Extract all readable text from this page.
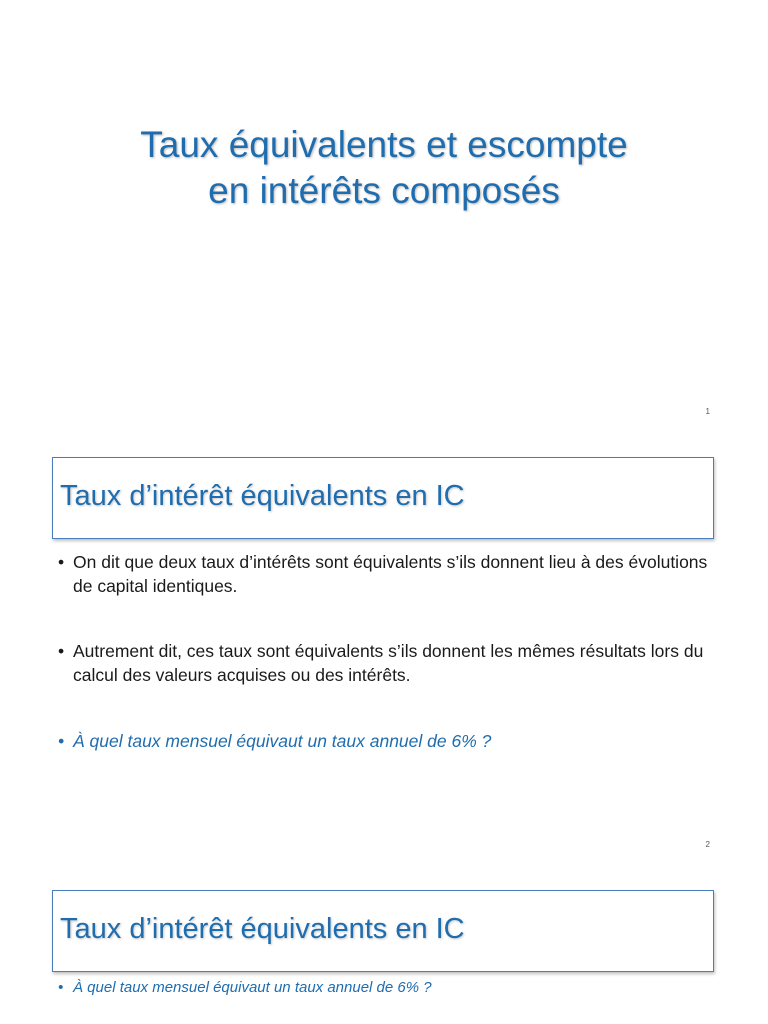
Taux équivalents et escompte
en intérêts composés
1
Taux d’intérêt équivalents en IC
• On dit que deux taux d’intérêts sont équivalents s’ils donnent lieu à des évolutions de capital identiques.
• Autrement dit, ces taux sont équivalents s’ils donnent les mêmes résultats lors du calcul des valeurs acquises ou des intérêts.
• À quel taux mensuel équivaut un taux annuel de 6% ?
2
Taux d’intérêt équivalents en IC
• À quel taux mensuel équivaut un taux annuel de 6% ?
